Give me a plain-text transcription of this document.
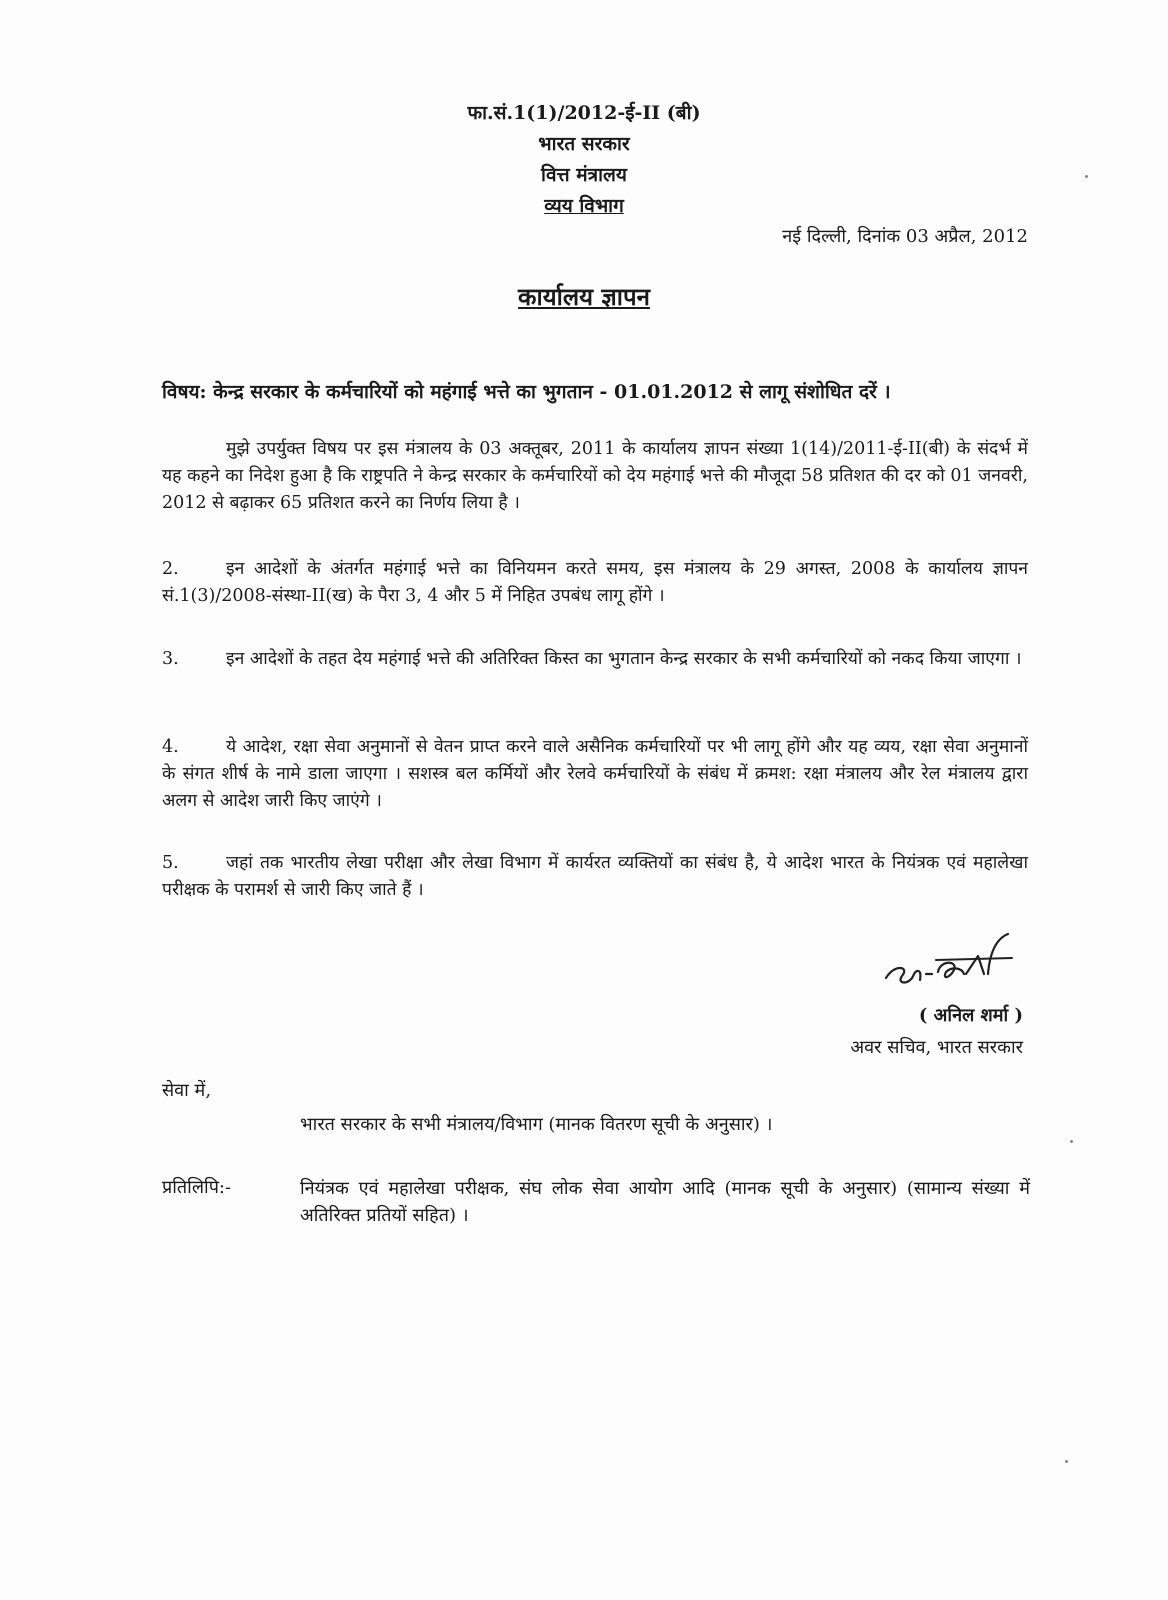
फा.सं.1(1)/2012-ई-II (बी)
भारत सरकार
वित्त मंत्रालय
व्यय विभाग
नई दिल्ली, दिनांक 03 अप्रैल, 2012
कार्यालय ज्ञापन
विषय: केन्द्र सरकार के कर्मचारियों को महंगाई भत्ते का भुगतान - 01.01.2012 से लागू संशोधित दरें ।
मुझे उपर्युक्त विषय पर इस मंत्रालय के 03 अक्तूबर, 2011 के कार्यालय ज्ञापन संख्या 1(14)/2011-ई-II(बी) के संदर्भ में यह कहने का निदेश हुआ है कि राष्ट्रपति ने केन्द्र सरकार के कर्मचारियों को देय महंगाई भत्ते की मौजूदा 58 प्रतिशत की दर को 01 जनवरी, 2012 से बढ़ाकर 65 प्रतिशत करने का निर्णय लिया है ।
2.	इन आदेशों के अंतर्गत महंगाई भत्ते का विनियमन करते समय, इस मंत्रालय के 29 अगस्त, 2008 के कार्यालय ज्ञापन सं.1(3)/2008-संस्था-II(ख) के पैरा 3, 4 और 5 में निहित उपबंध लागू होंगे ।
3.	इन आदेशों के तहत देय महंगाई भत्ते की अतिरिक्त किस्त का भुगतान केन्द्र सरकार के सभी कर्मचारियों को नकद किया जाएगा ।
4.	ये आदेश, रक्षा सेवा अनुमानों से वेतन प्राप्त करने वाले असैनिक कर्मचारियों पर भी लागू होंगे और यह व्यय, रक्षा सेवा अनुमानों के संगत शीर्ष के नामे डाला जाएगा । सशस्त्र बल कर्मियों और रेलवे कर्मचारियों के संबंध में क्रमश: रक्षा मंत्रालय और रेल मंत्रालय द्वारा अलग से आदेश जारी किए जाएंगे ।
5.	जहां तक भारतीय लेखा परीक्षा और लेखा विभाग में कार्यरत व्यक्तियों का संबंध है, ये आदेश भारत के नियंत्रक एवं महालेखा परीक्षक के परामर्श से जारी किए जाते हैं ।
( अनिल शर्मा )
अवर सचिव, भारत सरकार
सेवा में,
भारत सरकार के सभी मंत्रालय/विभाग (मानक वितरण सूची के अनुसार) ।
प्रतिलिपि:-	नियंत्रक एवं महालेखा परीक्षक, संघ लोक सेवा आयोग आदि (मानक सूची के अनुसार) (सामान्य संख्या में अतिरिक्त प्रतियों सहित) ।
